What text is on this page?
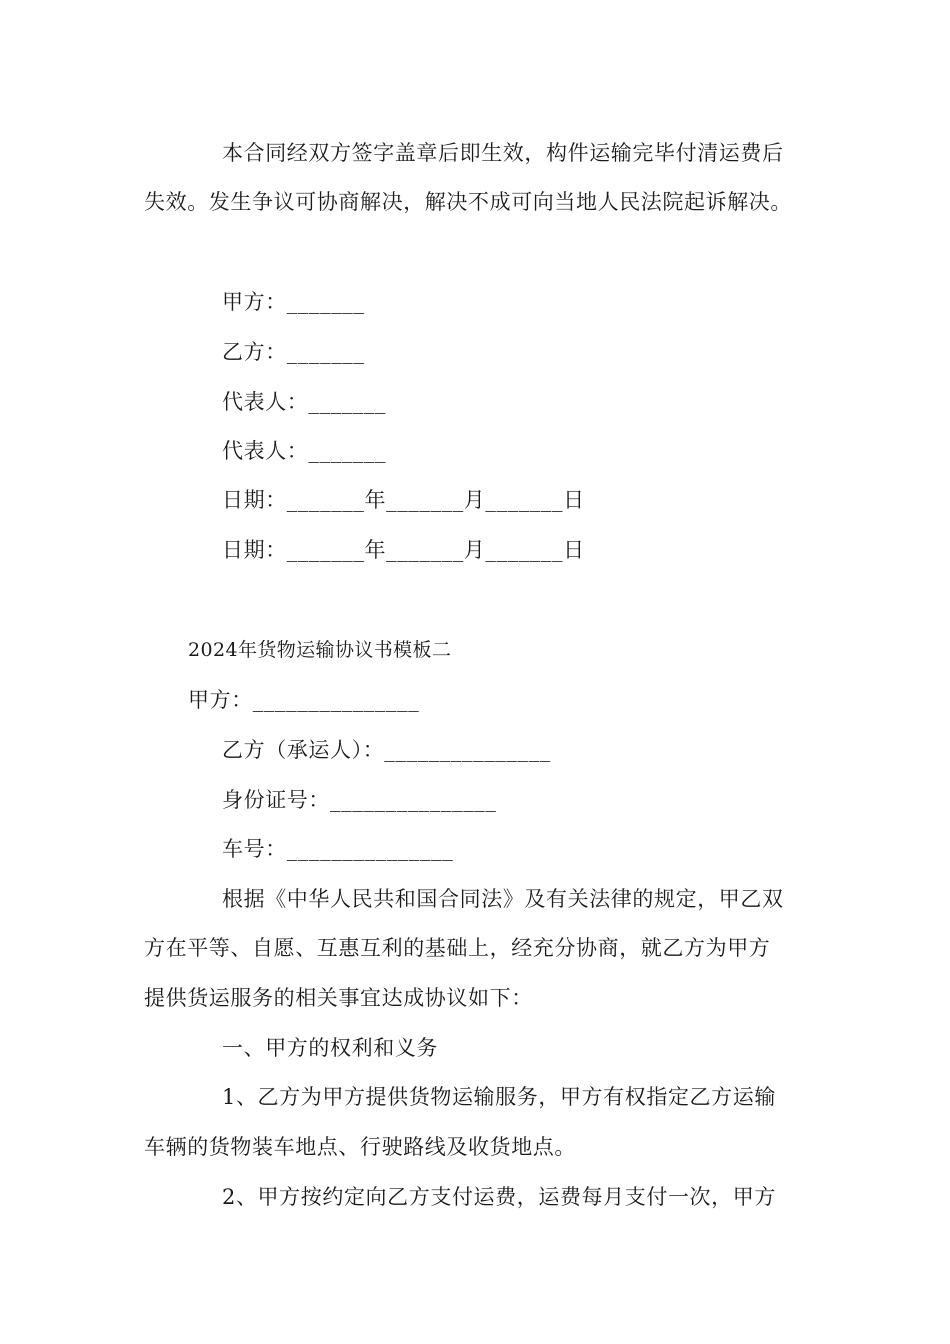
本合同经双方签字盖章后即生效，构件运输完毕付清运费后
失效。发生争议可协商解决，解决不成可向当地人民法院起诉解决。
甲方：_______
乙方：_______
代表人：_______
代表人：_______
日期：_______年_______月_______日
日期：_______年_______月_______日
2024年货物运输协议书模板二
甲方：_______________
乙方（承运人）：_______________
身份证号：_______________
车号：_______________
根据《中华人民共和国合同法》及有关法律的规定，甲乙双
方在平等、自愿、互惠互利的基础上，经充分协商，就乙方为甲方
提供货运服务的相关事宜达成协议如下：
一、甲方的权利和义务
1、乙方为甲方提供货物运输服务，甲方有权指定乙方运输
车辆的货物装车地点、行驶路线及收货地点。
2、甲方按约定向乙方支付运费，运费每月支付一次，甲方
